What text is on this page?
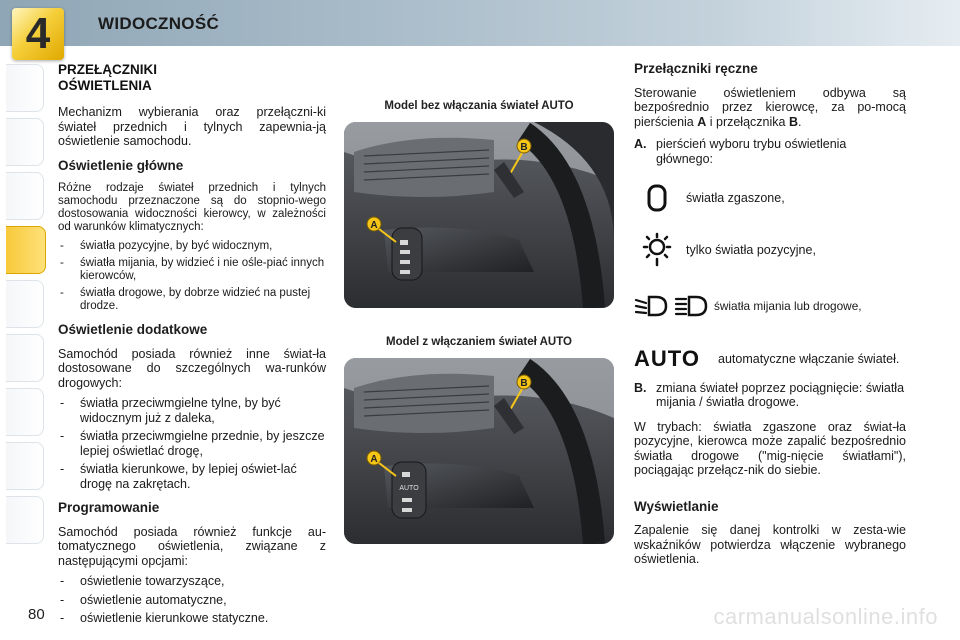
4	WIDOCZNOŚĆ
PRZEŁĄCZNIKI
OŚWIETLENIA

Mechanizm wybierania oraz przełączni-ki świateł przednich i tylnych zapewnia-ją oświetlenie samochodu.

Oświetlenie główne

Różne rodzaje świateł przednich i tylnych samochodu przeznaczone są do stopnio-wego dostosowania widoczności kierowcy, w zależności od warunków klimatycznych:

- światła pozycyjne, by być widocznym,
- światła mijania, by widzieć i nie ośle-piać innych kierowców,
- światła drogowe, by dobrze widzieć na pustej drodze.
Oświetlenie dodatkowe

Samochód posiada również inne świat-ła dostosowane do szczególnych wa-runków drogowych:

- światła przeciwmgielne tylne, by być widocznym już z daleka,
- światła przeciwmgielne przednie, by jeszcze lepiej oświetlać drogę,
- światła kierunkowe, by lepiej oświet-lać drogę na zakrętach.
Programowanie

Samochód posiada również funkcje au-tomatycznego oświetlenia, związane z następującymi opcjami:

- oświetlenie towarzyszące,
- oświetlenie automatyczne,
- oświetlenie kierunkowe statyczne.
Model bez włączania świateł AUTO
B
A
Model z włączaniem świateł AUTO
AUTO
B
A
Przełączniki ręczne

Sterowanie oświetleniem odbywa są bezpośrednio przez kierowcę, za po-mocą pierścienia A i przełącznika B.

A. pierścień wyboru trybu oświetlenia głównego:
światła zgaszone,
tylko światła pozycyjne,
światła mijania lub drogowe,
AUTO automatyczne włączanie świateł.
B. zmiana świateł poprzez pociągnięcie: światła mijania / światła drogowe.

W trybach: światła zgaszone oraz świat-ła pozycyjne, kierowca może zapalić bezpośrednio światła drogowe ("mig-nięcie światłami"), pociągając przełącz-nik do siebie.

Wyświetlanie

Zapalenie się danej kontrolki w zesta-wie wskaźników potwierdza włączenie wybranego oświetlenia.

80	carmanualsonline.info
